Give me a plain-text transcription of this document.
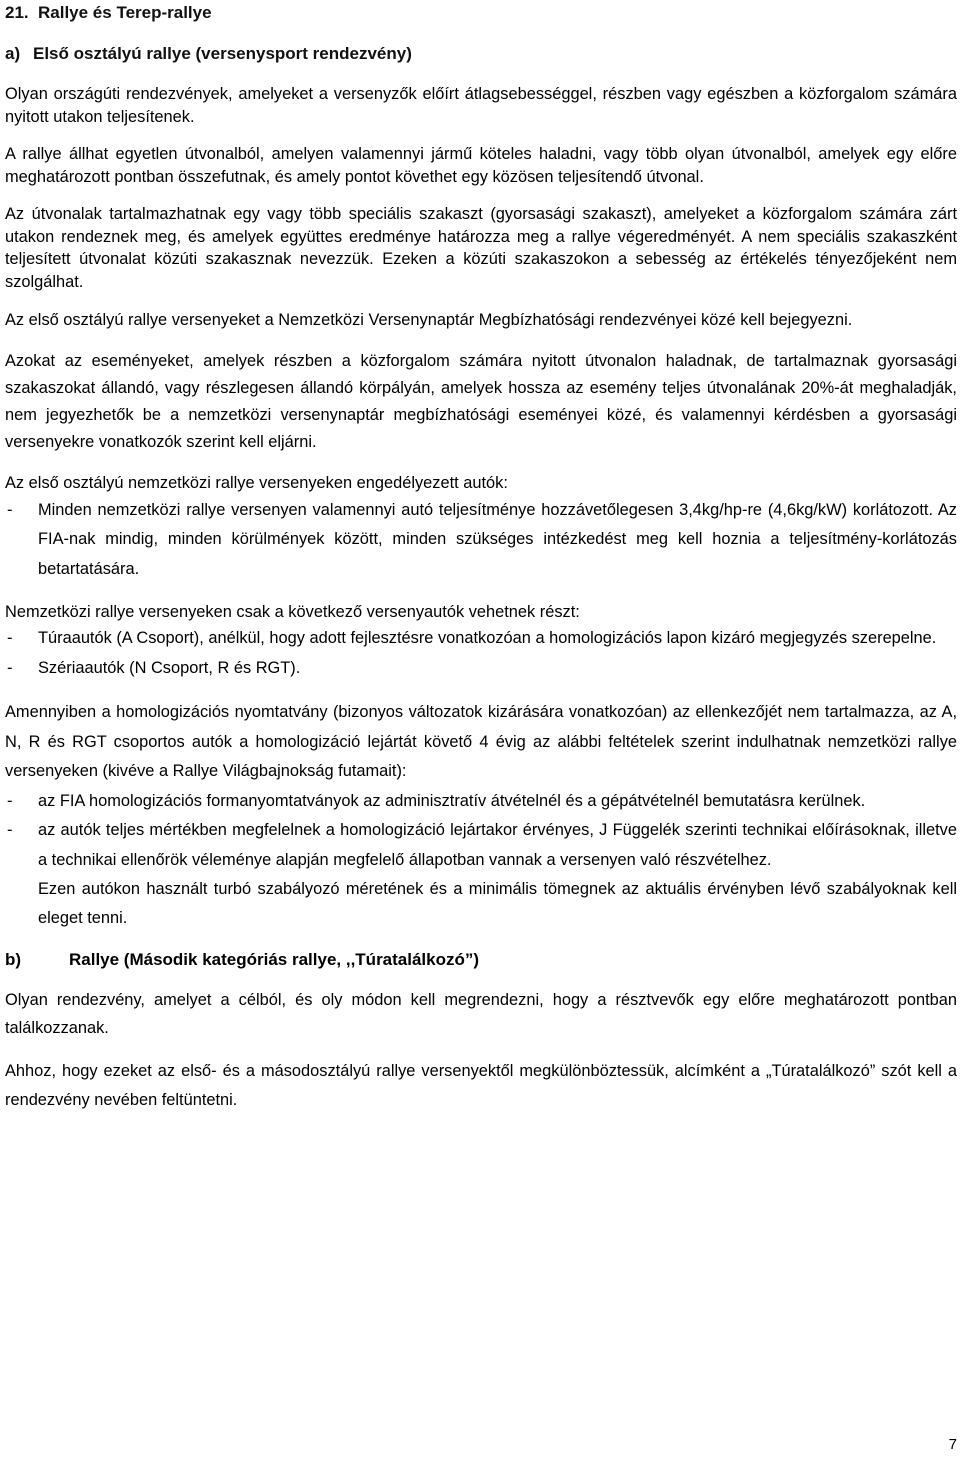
21. Rallye és Terep-rallye
a) Első osztályú rallye (versenysport rendezvény)

Olyan országúti rendezvények, amelyeket a versenyzők előírt átlagsebességgel, részben vagy egészben a közforgalom számára nyitott utakon teljesítenek.

A rallye állhat egyetlen útvonalból, amelyen valamennyi jármű köteles haladni, vagy több olyan útvonalból, amelyek egy előre meghatározott pontban összefutnak, és amely pontot követhet egy közösen teljesítendő útvonal.

Az útvonalak tartalmazhatnak egy vagy több speciális szakaszt (gyorsasági szakaszt), amelyeket a közforgalom számára zárt utakon rendeznek meg, és amelyek együttes eredménye határozza meg a rallye végeredményét. A nem speciális szakaszként teljesített útvonalat közúti szakasznak nevezzük. Ezeken a közúti szakaszokon a sebesség az értékelés tényezőjeként nem szolgálhat.

Az első osztályú rallye versenyeket a Nemzetközi Versenynaptár Megbízhatósági rendezvényei közé kell bejegyezni.

Azokat az eseményeket, amelyek részben a közforgalom számára nyitott útvonalon haladnak, de tartalmaznak gyorsasági szakaszokat állandó, vagy részlegesen állandó körpályán, amelyek hossza az esemény teljes útvonalának 20%-át meghaladják, nem jegyezhetők be a nemzetközi versenynaptár megbízhatósági eseményei közé, és valamennyi kérdésben a gyorsasági versenyekre vonatkozók szerint kell eljárni.

Az első osztályú nemzetközi rallye versenyeken engedélyezett autók:

- Minden nemzetközi rallye versenyen valamennyi autó teljesítménye hozzávetőlegesen 3,4kg/hp-re (4,6kg/kW) korlátozott. Az FIA-nak mindig, minden körülmények között, minden szükséges intézkedést meg kell hoznia a teljesítmény-korlátozás betartatására.

Nemzetközi rallye versenyeken csak a következő versenyautók vehetnek részt:

- Túraautók (A Csoport), anélkül, hogy adott fejlesztésre vonatkozóan a homologizációs lapon kizáró megjegyzés szerepelne.
- Szériaautók (N Csoport, R és RGT).

Amennyiben a homologizációs nyomtatvány (bizonyos változatok kizárására vonatkozóan) az ellenkezőjét nem tartalmazza, az A, N, R és RGT csoportos autók a homologizáció lejártát követő 4 évig az alábbi feltételek szerint indulhatnak nemzetközi rallye versenyeken (kivéve a Rallye Világbajnokság futamait):

- az FIA homologizációs formanyomtatványok az adminisztratív átvételnél és a gépátvételnél bemutatásra kerülnek.
- az autók teljes mértékben megfelelnek a homologizáció lejártakor érvényes, J Függelék szerinti technikai előírásoknak, illetve a technikai ellenőrök véleménye alapján megfelelő állapotban vannak a versenyen való részvételhez.

Ezen autókon használt turbó szabályozó méretének és a minimális tömegnek az aktuális érvényben lévő szabályoknak kell eleget tenni.

b)	Rallye (Második kategóriás rallye, ,,Túratalálkozó”)

Olyan rendezvény, amelyet a célból, és oly módon kell megrendezni, hogy a résztvevők egy előre meghatározott pontban találkozzanak.

Ahhoz, hogy ezeket az első- és a másodosztályú rallye versenyektől megkülönböztessük, alcímként a „Túratalálkozó” szót kell a rendezvény nevében feltüntetni.

7
